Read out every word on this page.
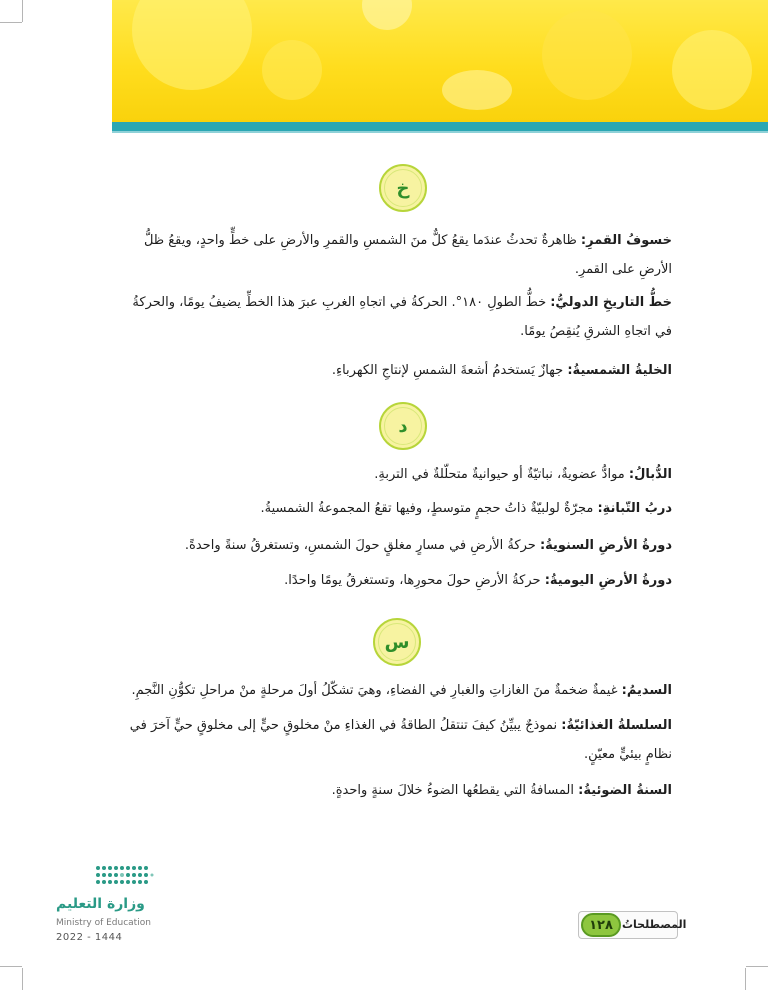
خ
خسوفُ القمرِ: ظاهرةٌ تحدثُ عندَما يقعُ كلٌّ منَ الشمسِ والقمرِ والأرضِ على خطٍّ واحدٍ، ويقعُ ظلُّ الأرضِ على القمرِ.
خطُّ التاريخِ الدوليُّ: خطُّ الطولِ ١٨٠°. الحركةُ في اتجاهِ الغربِ عبرَ هذا الخطِّ يضيفُ يومًا، والحركةُ في اتجاهِ الشرقِ يُنقِصُ يومًا.
الخليةُ الشمسيةُ: جهازٌ يَستخدمُ أشعةَ الشمسِ لإنتاجِ الكهرباءِ.
د
الدُّبالُ: موادُّ عضويةٌ، نباتيّةٌ أو حيوانيةٌ متحلّلةٌ في التربةِ.
دربُ التّبانةِ: مجرّةٌ لولبيّةٌ ذاتُ حجمٍ متوسطٍ، وفيها تقعُ المجموعةُ الشمسيةُ.
دورةُ الأرضِ السنويةُ: حركةُ الأرضِ في مسارٍ مغلقٍ حولَ الشمسِ، وتستغرقُ سنةً واحدةً.
دورةُ الأرضِ اليوميةُ: حركةُ الأرضِ حولَ محورِها، وتستغرقُ يومًا واحدًا.
س
السديمُ: غيمةٌ ضخمةٌ منَ الغازاتِ والغبارِ في الفضاءِ، وهيَ تشكّلُ أولَ مرحلةٍ منْ مراحلِ تكوُّنِ النَّجمِ.
السلسلةُ الغذائيّةُ: نموذجٌ يبيِّنُ كيفَ تنتقلُ الطاقةُ في الغذاءِ منْ مخلوقٍ حيٍّ إلى مخلوقٍ حيٍّ آخرَ في نظامٍ بيئيٍّ معيّنٍ.
السنةُ الضوئيةُ: المسافةُ التي يقطعُها الضوءُ خلالَ سنةٍ واحدةٍ.
وزارة التعليم
Ministry of Education
2022 - 1444
١٢٨ المصطلحاتُ
